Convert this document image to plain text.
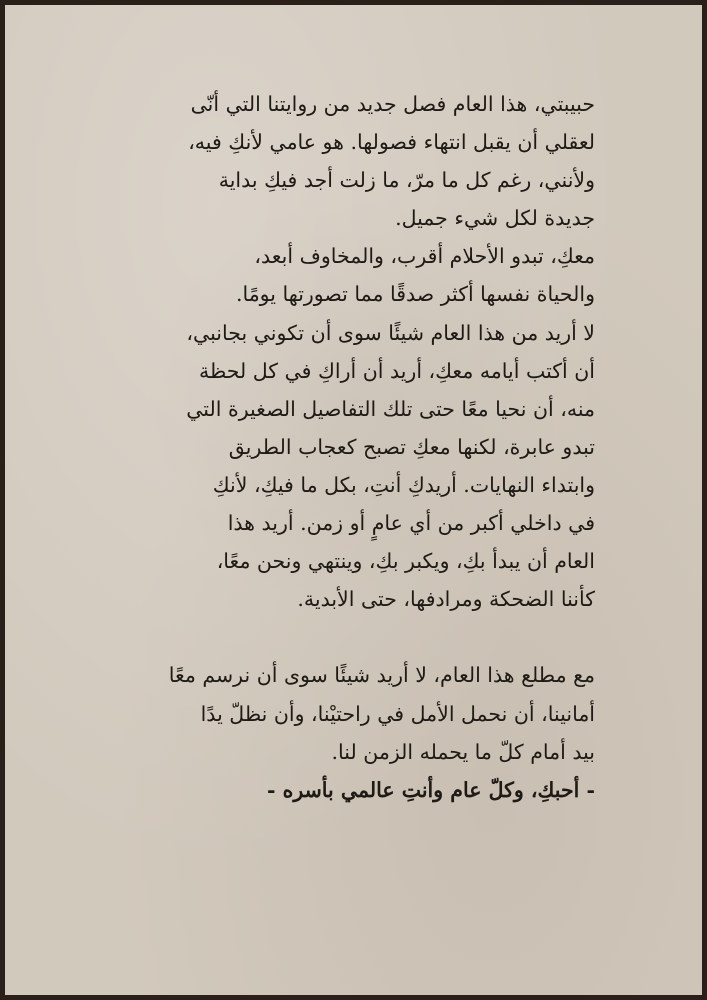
حبيبتي، هذا العام فصل جديد من روايتنا التي أنّى
لعقلي أن يقبل انتهاء فصولها. هو عامي لأنكِ فيه،
ولأنني، رغم كل ما مرّ، ما زلت أجد فيكِ بداية
جديدة لكل شيء جميل.
معكِ، تبدو الأحلام أقرب، والمخاوف أبعد،
والحياة نفسها أكثر صدقًا مما تصورتها يومًا.
لا أريد من هذا العام شيئًا سوى أن تكوني بجانبي،
أن أكتب أيامه معكِ، أريد أن أراكِ في كل لحظة
منه، أن نحيا معًا حتى تلك التفاصيل الصغيرة التي
تبدو عابرة، لكنها معكِ تصبح كعجاب الطريق
وابتداء النهايات. أريدكِ أنتِ، بكل ما فيكِ، لأنكِ
في داخلي أكبر من أي عامٍ أو زمن. أريد هذا
العام أن يبدأ بكِ، ويكبر بكِ، وينتهي ونحن معًا،
كأننا الضحكة ومرادفها، حتى الأبدية.
مع مطلع هذا العام، لا أريد شيئًا سوى أن نرسم معًا
أمانينا، أن نحمل الأمل في راحتيْنا، وأن نظلّ يدًا
بيد أمام كلّ ما يحمله الزمن لنا.
- أحبكِ، وكلّ عام وأنتِ عالمي بأسره -
